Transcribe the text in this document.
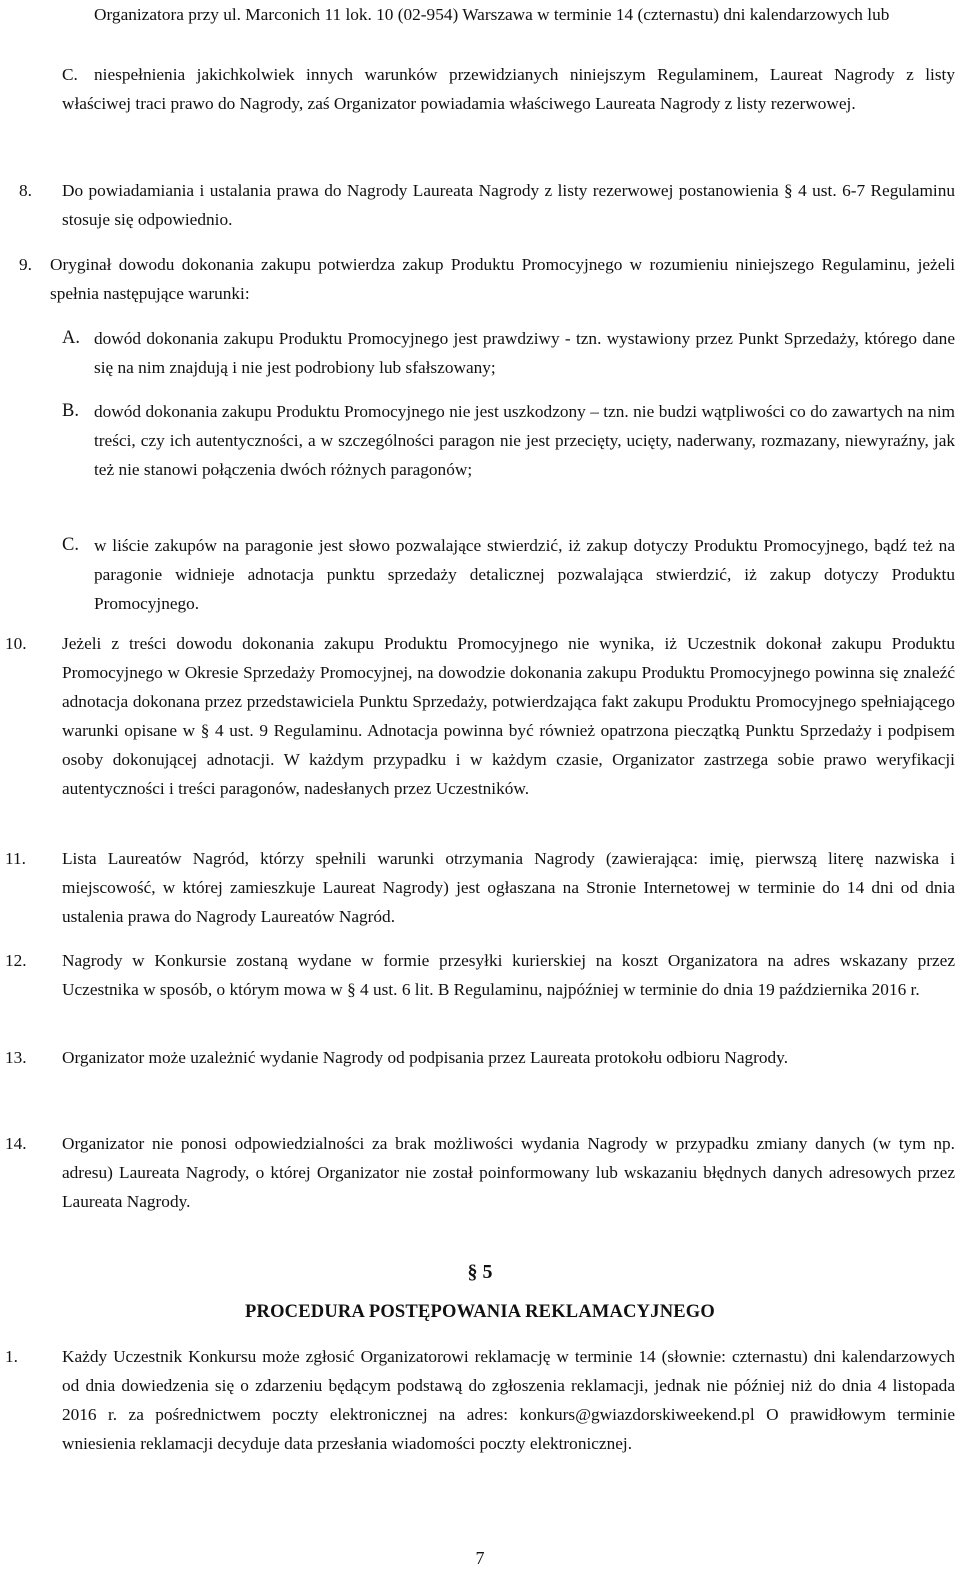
Organizatora przy ul. Marconich 11 lok. 10 (02-954) Warszawa w terminie 14 (czternastu) dni kalendarzowych lub
C. niespełnienia jakichkolwiek innych warunków przewidzianych niniejszym Regulaminem, Laureat Nagrody z listy właściwej traci prawo do Nagrody, zaś Organizator powiadamia właściwego Laureata Nagrody z listy rezerwowej.
8. Do powiadamiania i ustalania prawa do Nagrody Laureata Nagrody z listy rezerwowej postanowienia § 4 ust. 6-7 Regulaminu stosuje się odpowiednio.
9. Oryginał dowodu dokonania zakupu potwierdza zakup Produktu Promocyjnego w rozumieniu niniejszego Regulaminu, jeżeli spełnia następujące warunki:
A. dowód dokonania zakupu Produktu Promocyjnego jest prawdziwy - tzn. wystawiony przez Punkt Sprzedaży, którego dane się na nim znajdują i nie jest podrobiony lub sfałszowany;
B. dowód dokonania zakupu Produktu Promocyjnego nie jest uszkodzony – tzn. nie budzi wątpliwości co do zawartych na nim treści, czy ich autentyczności, a w szczególności paragon nie jest przecięty, ucięty, naderwany, rozmazany, niewyraźny, jak też nie stanowi połączenia dwóch różnych paragonów;
C. w liście zakupów na paragonie jest słowo pozwalające stwierdzić, iż zakup dotyczy Produktu Promocyjnego, bądź też na paragonie widnieje adnotacja punktu sprzedaży detalicznej pozwalająca stwierdzić, iż zakup dotyczy Produktu Promocyjnego.
10. Jeżeli z treści dowodu dokonania zakupu Produktu Promocyjnego nie wynika, iż Uczestnik dokonał zakupu Produktu Promocyjnego w Okresie Sprzedaży Promocyjnej, na dowodzie dokonania zakupu Produktu Promocyjnego powinna się znaleźć adnotacja dokonana przez przedstawiciela Punktu Sprzedaży, potwierdzająca fakt zakupu Produktu Promocyjnego spełniającego warunki opisane w § 4 ust. 9 Regulaminu. Adnotacja powinna być również opatrzona pieczątką Punktu Sprzedaży i podpisem osoby dokonującej adnotacji. W każdym przypadku i w każdym czasie, Organizator zastrzega sobie prawo weryfikacji autentyczności i treści paragonów, nadesłanych przez Uczestników.
11. Lista Laureatów Nagród, którzy spełnili warunki otrzymania Nagrody (zawierająca: imię, pierwszą literę nazwiska i miejscowość, w której zamieszkuje Laureat Nagrody) jest ogłaszana na Stronie Internetowej w terminie do 14 dni od dnia ustalenia prawa do Nagrody Laureatów Nagród.
12. Nagrody w Konkursie zostaną wydane w formie przesyłki kurierskiej na koszt Organizatora na adres wskazany przez Uczestnika w sposób, o którym mowa w § 4 ust. 6 lit. B Regulaminu, najpóźniej w terminie do dnia 19 października 2016 r.
13. Organizator może uzależnić wydanie Nagrody od podpisania przez Laureata protokołu odbioru Nagrody.
14. Organizator nie ponosi odpowiedzialności za brak możliwości wydania Nagrody w przypadku zmiany danych (w tym np. adresu) Laureata Nagrody, o której Organizator nie został poinformowany lub wskazaniu błędnych danych adresowych przez Laureata Nagrody.
§ 5
PROCEDURA POSTĘPOWANIA REKLAMACYJNEGO
1.	Każdy Uczestnik Konkursu może zgłosić Organizatorowi reklamację w terminie 14 (słownie: czternastu) dni kalendarzowych od dnia dowiedzenia się o zdarzeniu będącym podstawą do zgłoszenia reklamacji, jednak nie później niż do dnia 4 listopada 2016 r. za pośrednictwem poczty elektronicznej na adres: konkurs@gwiazdorskiweekend.pl O prawidłowym terminie wniesienia reklamacji decyduje data przesłania wiadomości poczty elektronicznej.
7
